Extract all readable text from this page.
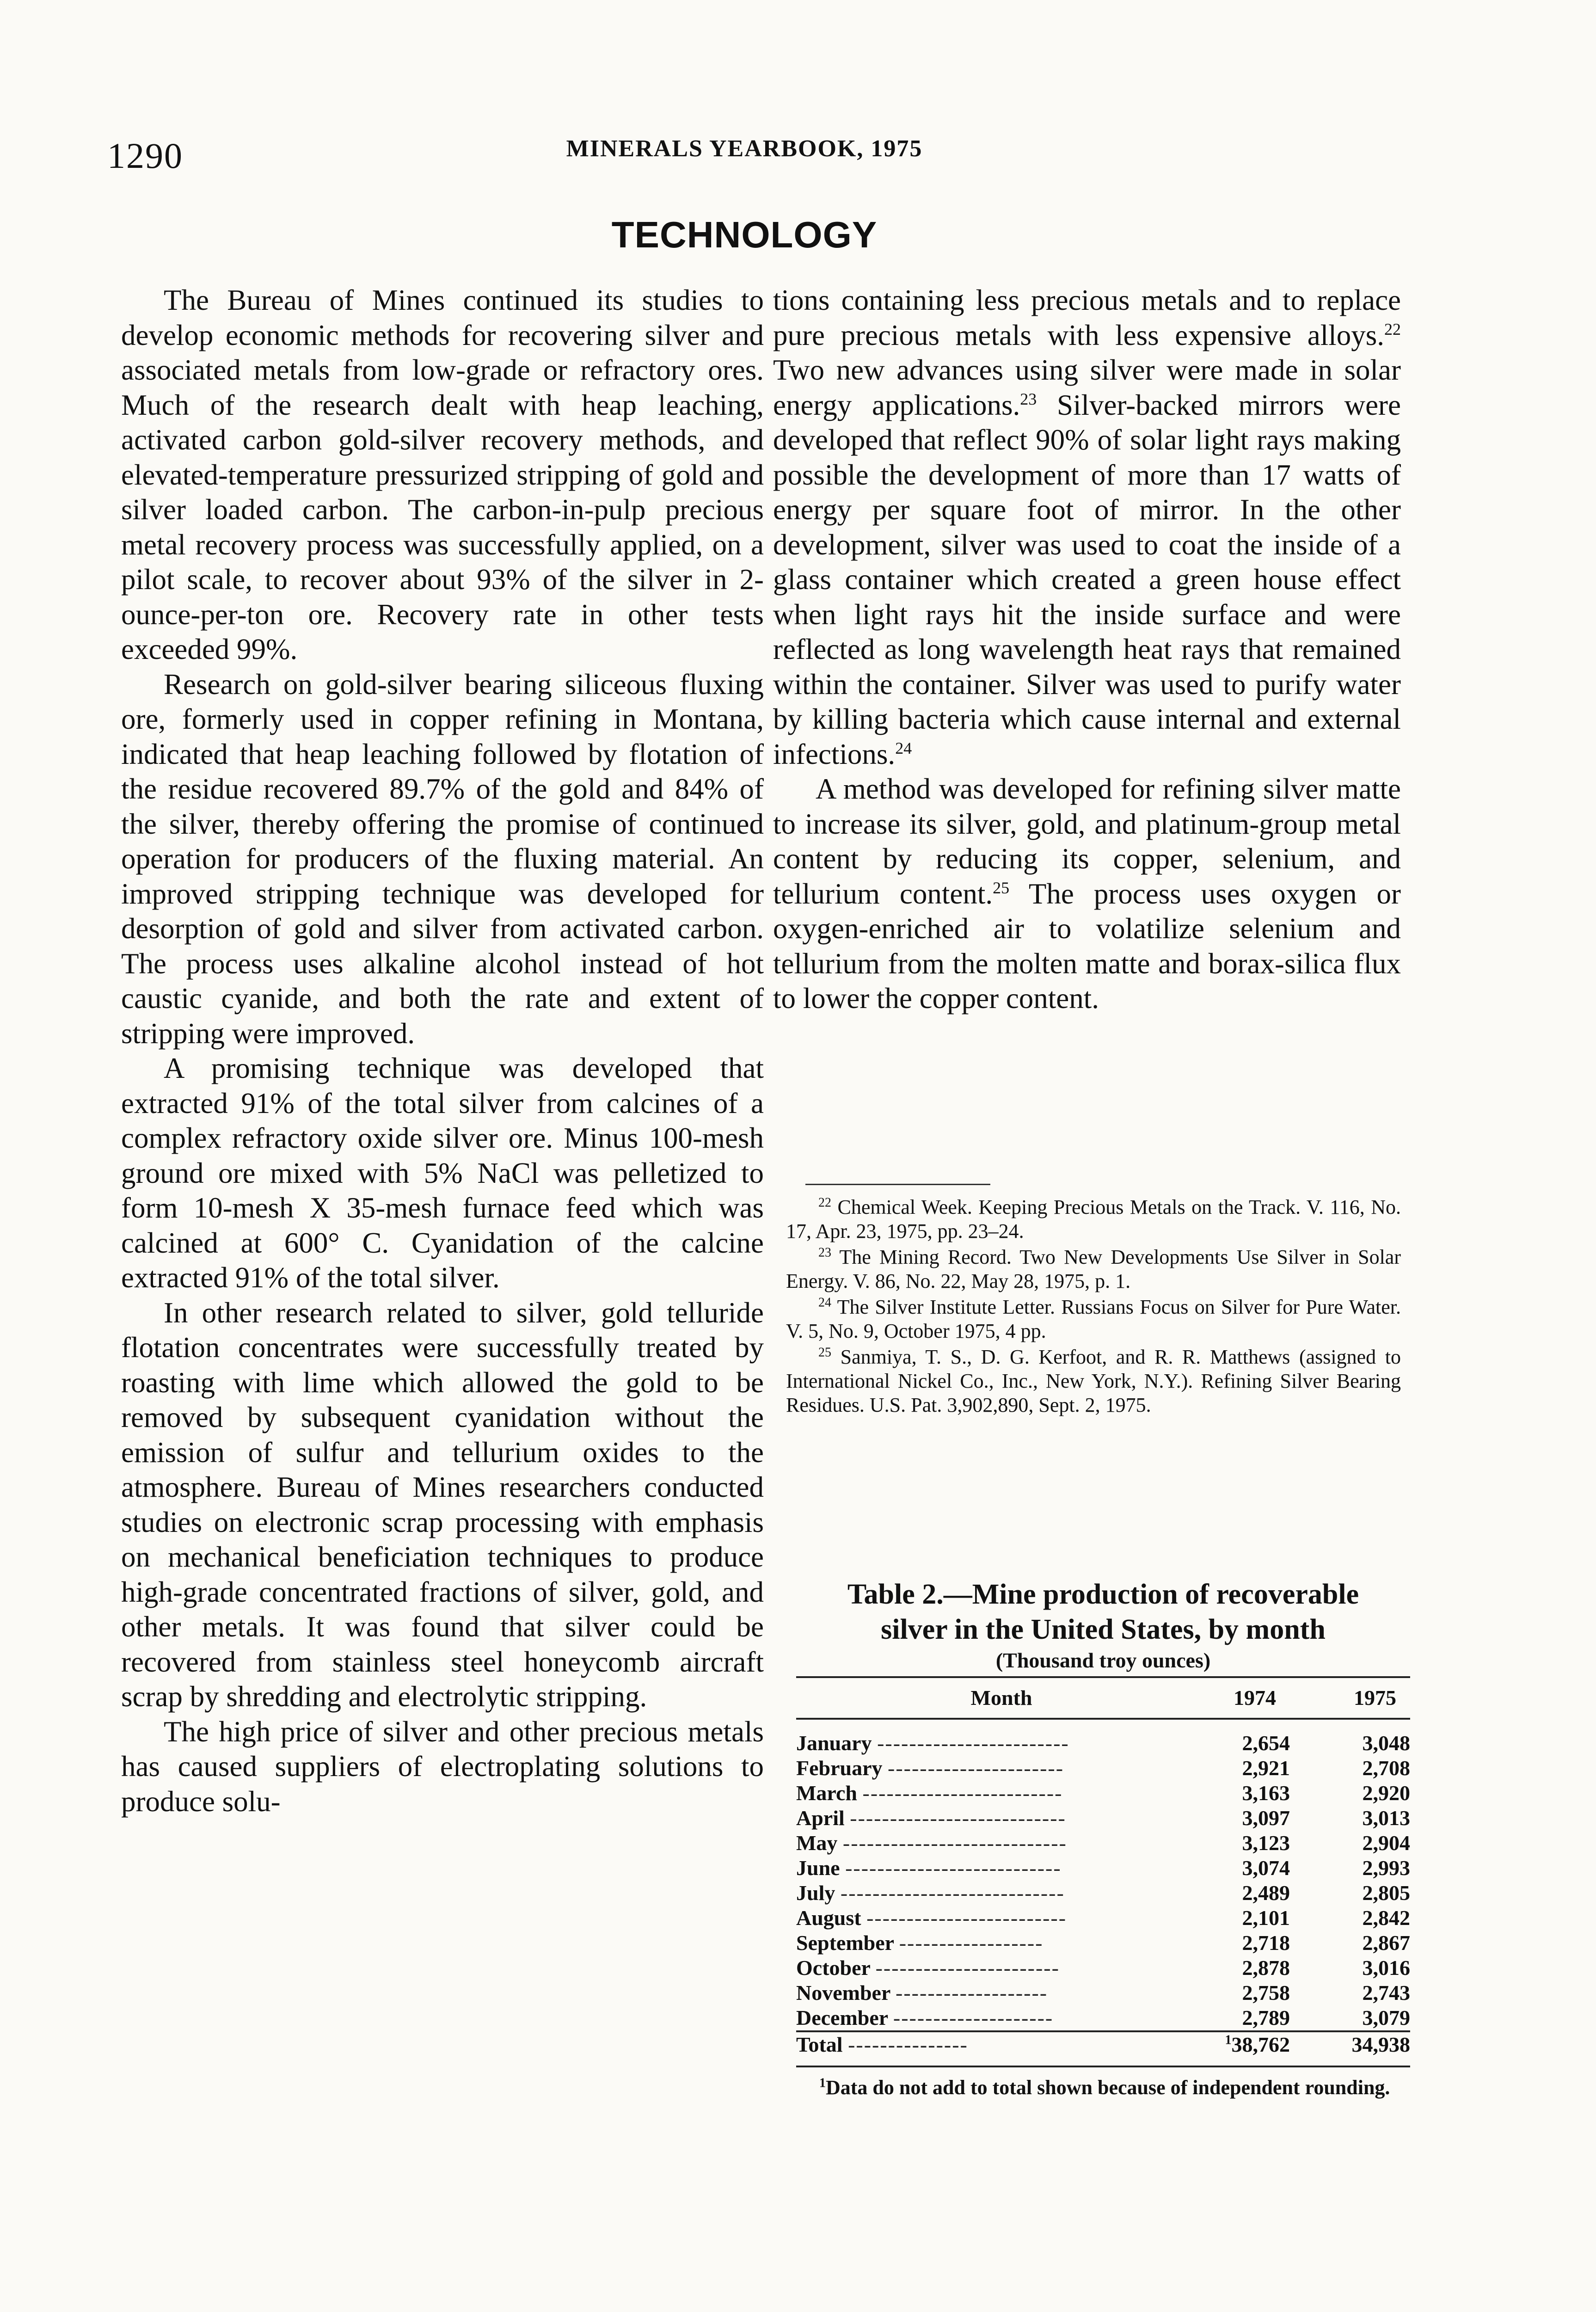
1290	MINERALS YEARBOOK, 1975
TECHNOLOGY

The Bureau of Mines continued its studies to develop economic methods for recovering silver and associated metals from low-grade or refractory ores. Much of the research dealt with heap leaching, activated carbon gold-silver recovery methods, and elevated-temperature pressurized stripping of gold and silver loaded carbon. The carbon-in-pulp precious metal recovery process was successfully applied, on a pilot scale, to recover about 93% of the silver in 2-ounce-per-ton ore. Recovery rate in other tests exceeded 99%.

Research on gold-silver bearing siliceous fluxing ore, formerly used in copper refining in Montana, indicated that heap leaching followed by flotation of the residue recovered 89.7% of the gold and 84% of the silver, thereby offering the promise of continued operation for producers of the fluxing material. An improved stripping technique was developed for desorption of gold and silver from activated carbon. The process uses alkaline alcohol instead of hot caustic cyanide, and both the rate and extent of stripping were improved.

A promising technique was developed that extracted 91% of the total silver from calcines of a complex refractory oxide silver ore. Minus 100-mesh ground ore mixed with 5% NaCl was pelletized to form 10-mesh X 35-mesh furnace feed which was calcined at 600° C. Cyanidation of the calcine extracted 91% of the total silver.

In other research related to silver, gold telluride flotation concentrates were successfully treated by roasting with lime which allowed the gold to be removed by subsequent cyanidation without the emission of sulfur and tellurium oxides to the atmosphere. Bureau of Mines researchers conducted studies on electronic scrap processing with emphasis on mechanical beneficiation techniques to produce high-grade concentrated fractions of silver, gold, and other metals. It was found that silver could be recovered from stainless steel honeycomb aircraft scrap by shredding and electrolytic stripping.

The high price of silver and other precious metals has caused suppliers of electroplating solutions to produce solu-

tions containing less precious metals and to replace pure precious metals with less expensive alloys.$^{22}$ Two new advances using silver were made in solar energy applications.$^{23}$ Silver-backed mirrors were developed that reflect 90% of solar light rays making possible the development of more than 17 watts of energy per square foot of mirror. In the other development, silver was used to coat the inside of a glass container which created a green house effect when light rays hit the inside surface and were reflected as long wavelength heat rays that remained within the container. Silver was used to purify water by killing bacteria which cause internal and external infections.$^{24}$

A method was developed for refining silver matte to increase its silver, gold, and platinum-group metal content by reducing its copper, selenium, and tellurium content.$^{25}$ The process uses oxygen or oxygen-enriched air to volatilize selenium and tellurium from the molten matte and borax-silica flux to lower the copper content.

$^{22}$ Chemical Week. Keeping Precious Metals on the Track. V. 116, No. 17, Apr. 23, 1975, pp. 23–24.

$^{23}$ The Mining Record. Two New Developments Use Silver in Solar Energy. V. 86, No. 22, May 28, 1975, p. 1.

$^{24}$ The Silver Institute Letter. Russians Focus on Silver for Pure Water. V. 5, No. 9, October 1975, 4 pp.

$^{25}$ Sanmiya, T. S., D. G. Kerfoot, and R. R. Matthews (assigned to International Nickel Co., Inc., New York, N.Y.). Refining Silver Bearing Residues. U.S. Pat. 3,902,890, Sept. 2, 1975.

Table 2.—Mine production of recoverable
silver in the United States, by month
(Thousand troy ounces)
Month	1974	1975
January ------------------------	2,654	3,048
February ----------------------	2,921	2,708
March -------------------------	3,163	2,920
April ---------------------------	3,097	3,013
May ----------------------------	3,123	2,904
June ---------------------------	3,074	2,993
July ----------------------------	2,489	2,805
August -------------------------	2,101	2,842
September ------------------	2,718	2,867
October -----------------------	2,878	3,016
November -------------------	2,758	2,743
December --------------------	2,789	3,079
Total ---------------	$^1$38,762	34,938
$^1$Data do not add to total shown because of independent rounding.
